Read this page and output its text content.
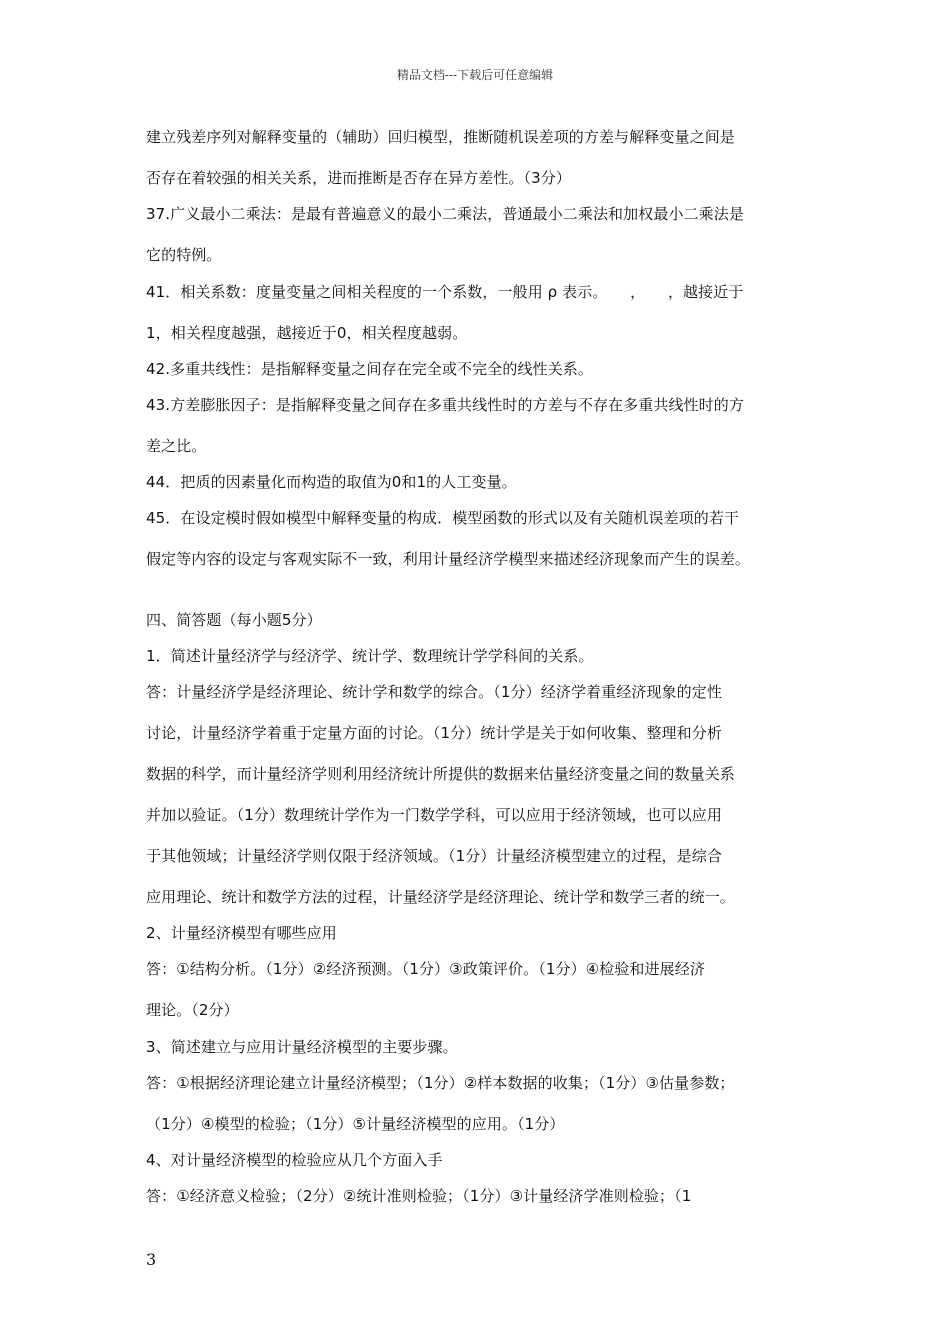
精品文档---下载后可任意编辑
建立残差序列对解释变量的（辅助）回归模型，推断随机误差项的方差与解释变量之间是
否存在着较强的相关关系，进而推断是否存在异方差性。（3分）
37.广义最小二乘法：是最有普遍意义的最小二乘法，普通最小二乘法和加权最小二乘法是
它的特例。
41．相关系数：度量变量之间相关程度的一个系数，一般用 ρ 表示。　　，　　，越接近于
1，相关程度越强，越接近于0，相关程度越弱。
42.多重共线性：是指解释变量之间存在完全或不完全的线性关系。
43.方差膨胀因子：是指解释变量之间存在多重共线性时的方差与不存在多重共线性时的方
差之比。
44．把质的因素量化而构造的取值为0和1的人工变量。
45．在设定模时假如模型中解释变量的构成．模型函数的形式以及有关随机误差项的若干
假定等内容的设定与客观实际不一致，利用计量经济学模型来描述经济现象而产生的误差。
四、简答题（每小题5分）
1．简述计量经济学与经济学、统计学、数理统计学学科间的关系。
答：计量经济学是经济理论、统计学和数学的综合。（1分）经济学着重经济现象的定性
讨论，计量经济学着重于定量方面的讨论。（1分）统计学是关于如何收集、整理和分析
数据的科学，而计量经济学则利用经济统计所提供的数据来估量经济变量之间的数量关系
并加以验证。（1分）数理统计学作为一门数学学科，可以应用于经济领域，也可以应用
于其他领域；计量经济学则仅限于经济领域。（1分）计量经济模型建立的过程，是综合
应用理论、统计和数学方法的过程，计量经济学是经济理论、统计学和数学三者的统一。
2、计量经济模型有哪些应用
答：①结构分析。（1分）②经济预测。（1分）③政策评价。（1分）④检验和进展经济
理论。（2分）
3、简述建立与应用计量经济模型的主要步骤。
答：①根据经济理论建立计量经济模型；（1分）②样本数据的收集；（1分）③估量参数；
（1分）④模型的检验；（1分）⑤计量经济模型的应用。（1分）
4、对计量经济模型的检验应从几个方面入手
答：①经济意义检验；（2分）②统计准则检验；（1分）③计量经济学准则检验；（1
3
